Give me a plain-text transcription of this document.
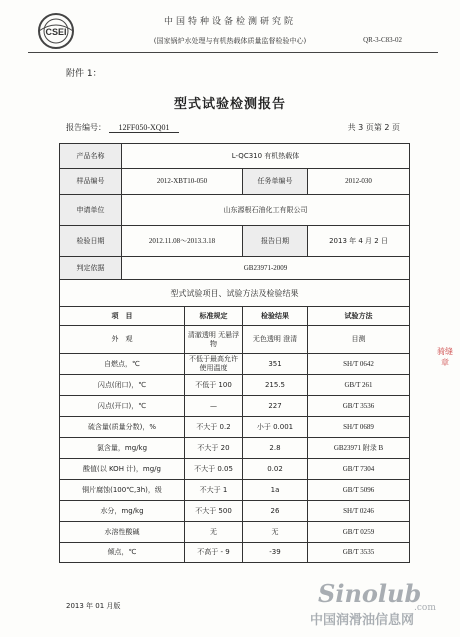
CSEI
中国特种设备检测研究院
(国家锅炉水处理与有机热载体质量监督检验中心)	QR-3-C83-02
附件 1：
型式试验检测报告
报告编号： 12FF050-XQ01	共 3 页第 2 页
产品名称	L-QC310 有机热载体			
样品编号	2012-XBT10-050		任务单编号	2012-030
申请单位	山东源根石油化工有限公司			
检验日期	2012.11.08～2013.3.18		报告日期	2013 年 4 月 2 日
判定依据	GB23971-2009			
型式试验项目、试验方法及检验结果				
项　目		标准规定	检验结果	试验方法
外　观		清澈透明 无悬浮物	无色透明 澄清	目测
自燃点，℃		不低于最高允许 使用温度	351	SH/T 0642
闪点(闭口)，℃		不低于 100	215.5	GB/T 261
闪点(开口)，℃		—	227	GB/T 3536
硫含量(质量分数)，%		不大于 0.2	小于 0.001	SH/T 0689
氯含量，mg/kg		不大于 20	2.8	GB23971 附录 B
酸值(以 KOH 计)，mg/g		不大于 0.05	0.02	GB/T 7304
铜片腐蚀(100℃,3h)，级		不大于 1	1a	GB/T 5096
水分，mg/kg		不大于 500	26	SH/T 0246
水溶性酸碱		无	无	GB/T 0259
倾点，℃		不高于 - 9	-39	GB/T 3535
2013 年 01 月版
骑缝章
Sinolub
.com
中国润滑油信息网
